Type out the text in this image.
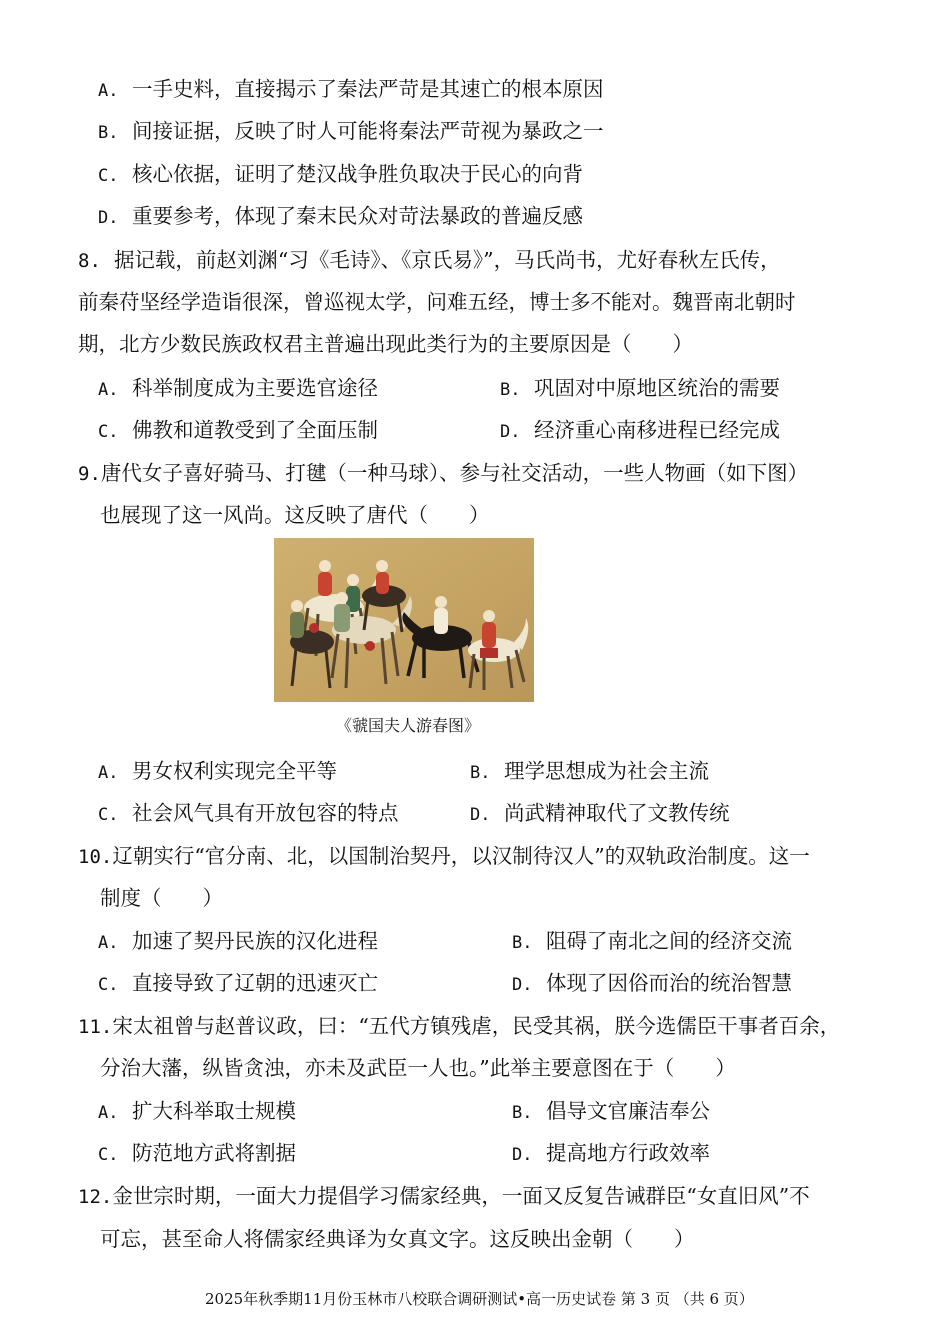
A. 一手史料，直接揭示了秦法严苛是其速亡的根本原因
B. 间接证据，反映了时人可能将秦法严苛视为暴政之一
C. 核心依据，证明了楚汉战争胜负取决于民心的向背
D. 重要参考，体现了秦末民众对苛法暴政的普遍反感
8. 据记载，前赵刘渊“习《毛诗》、《京氏易》”，马氏尚书，尤好春秋左氏传，
前秦苻坚经学造诣很深，曾巡视太学，问难五经，博士多不能对。魏晋南北朝时
期，北方少数民族政权君主普遍出现此类行为的主要原因是（　　）
A. 科举制度成为主要选官途径	B. 巩固对中原地区统治的需要
C. 佛教和道教受到了全面压制	D. 经济重心南移进程已经完成
9.唐代女子喜好骑马、打毽（一种马球）、参与社交活动，一些人物画（如下图）
也展现了这一风尚。这反映了唐代（　　）
《虢国夫人游春图》
A. 男女权利实现完全平等	B. 理学思想成为社会主流
C. 社会风气具有开放包容的特点	D. 尚武精神取代了文教传统
10.辽朝实行“官分南、北，以国制治契丹，以汉制待汉人”的双轨政治制度。这一
制度（　　）
A. 加速了契丹民族的汉化进程	B. 阻碍了南北之间的经济交流
C. 直接导致了辽朝的迅速灭亡	D. 体现了因俗而治的统治智慧
11.宋太祖曾与赵普议政，曰：“五代方镇残虐，民受其祸，朕今选儒臣干事者百余，
分治大藩，纵皆贪浊，亦未及武臣一人也。”此举主要意图在于（　　）
A. 扩大科举取士规模	B. 倡导文官廉洁奉公
C. 防范地方武将割据	D. 提高地方行政效率
12.金世宗时期，一面大力提倡学习儒家经典，一面又反复告诫群臣“女直旧风”不
可忘，甚至命人将儒家经典译为女真文字。这反映出金朝（　　）
2025年秋季期11月份玉林市八校联合调研测试•高一历史试卷 第 3 页 （共 6 页）
